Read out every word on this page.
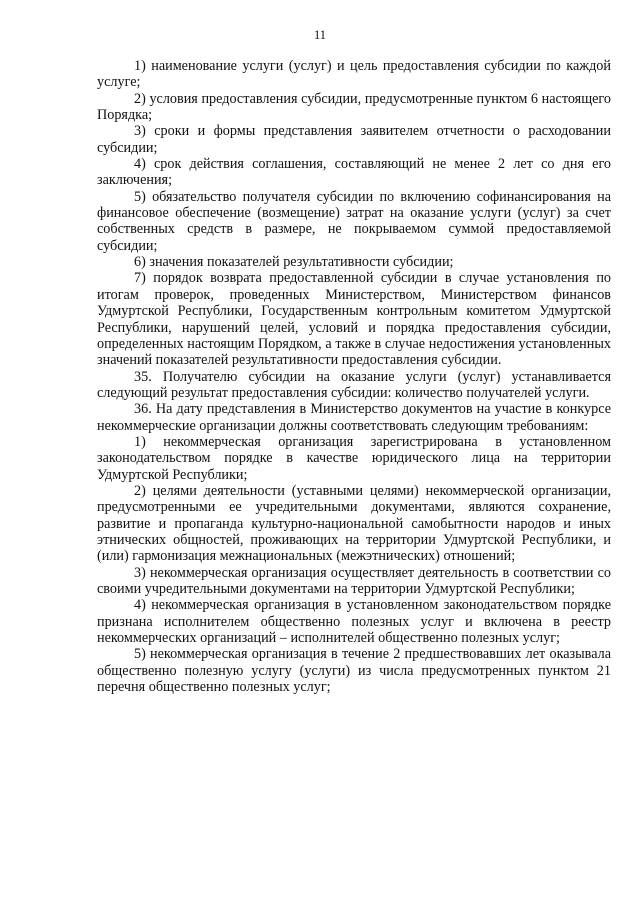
11

1) наименование услуги (услуг) и цель предоставления субсидии по каждой услуге;

2) условия предоставления субсидии, предусмотренные пунктом 6 настоящего Порядка;

3) сроки и формы представления заявителем отчетности о расходовании субсидии;

4) срок действия соглашения, составляющий не менее 2 лет со дня его заключения;

5) обязательство получателя субсидии по включению софинансирования на финансовое обеспечение (возмещение) затрат на оказание услуги (услуг) за счет собственных средств в размере, не покрываемом суммой предоставляемой субсидии;

6) значения показателей результативности субсидии;

7) порядок возврата предоставленной субсидии в случае установления по итогам проверок, проведенных Министерством, Министерством финансов Удмуртской Республики, Государственным контрольным комитетом Удмуртской Республики, нарушений целей, условий и порядка предоставления субсидии, определенных настоящим Порядком, а также в случае недостижения установленных значений показателей результативности предоставления субсидии.

35. Получателю субсидии на оказание услуги (услуг) устанавливается следующий результат предоставления субсидии: количество получателей услуги.

36. На дату представления в Министерство документов на участие в конкурсе некоммерческие организации должны соответствовать следующим требованиям:

1) некоммерческая организация зарегистрирована в установленном законодательством порядке в качестве юридического лица на территории Удмуртской Республики;

2) целями деятельности (уставными целями) некоммерческой организации, предусмотренными ее учредительными документами, являются сохранение, развитие и пропаганда культурно-национальной самобытности народов и иных этнических общностей, проживающих на территории Удмуртской Республики, и (или) гармонизация межнациональных (межэтнических) отношений;

3) некоммерческая организация осуществляет деятельность в соответствии со своими учредительными документами на территории Удмуртской Республики;

4) некоммерческая организация в установленном законодательством порядке признана исполнителем общественно полезных услуг и включена в реестр некоммерческих организаций – исполнителей общественно полезных услуг;

5) некоммерческая организация в течение 2 предшествовавших лет оказывала общественно полезную услугу (услуги) из числа предусмотренных пунктом 21 перечня общественно полезных услуг;
